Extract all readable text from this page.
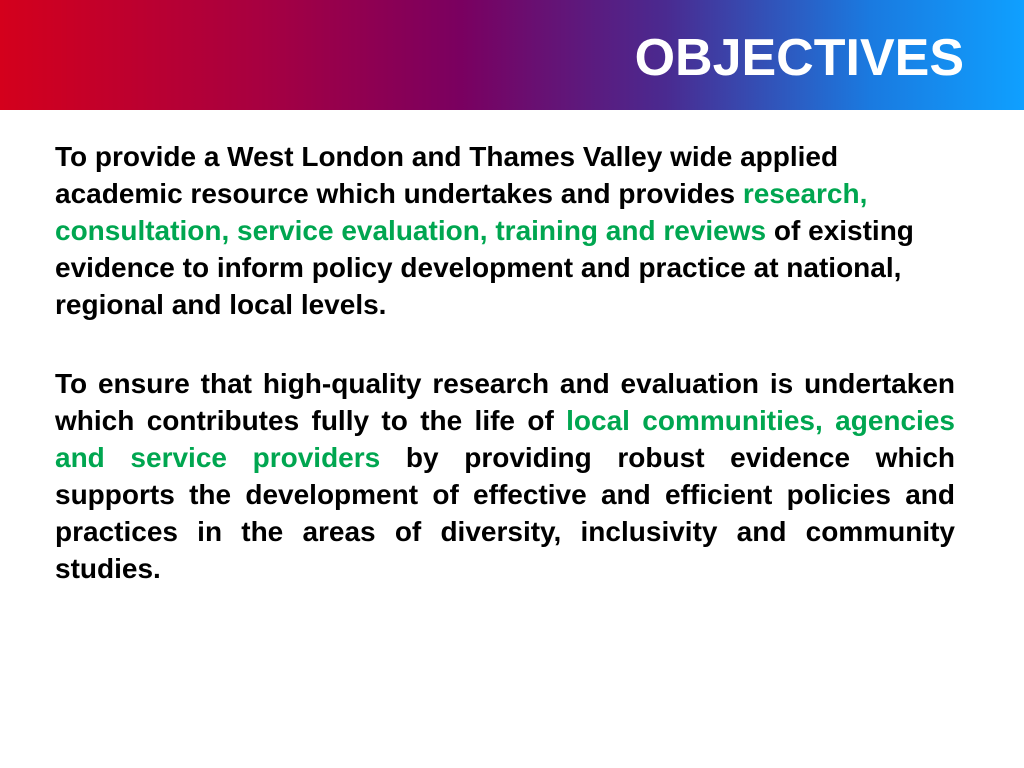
OBJECTIVES

To provide a West London and Thames Valley wide applied academic resource which undertakes and provides research, consultation, service evaluation, training and reviews of existing evidence to inform policy development and practice at national, regional and local levels.

To ensure that high-quality research and evaluation is undertaken which contributes fully to the life of local communities, agencies and service providers by providing robust evidence which supports the development of effective and efficient policies and practices in the areas of diversity, inclusivity and community studies.
